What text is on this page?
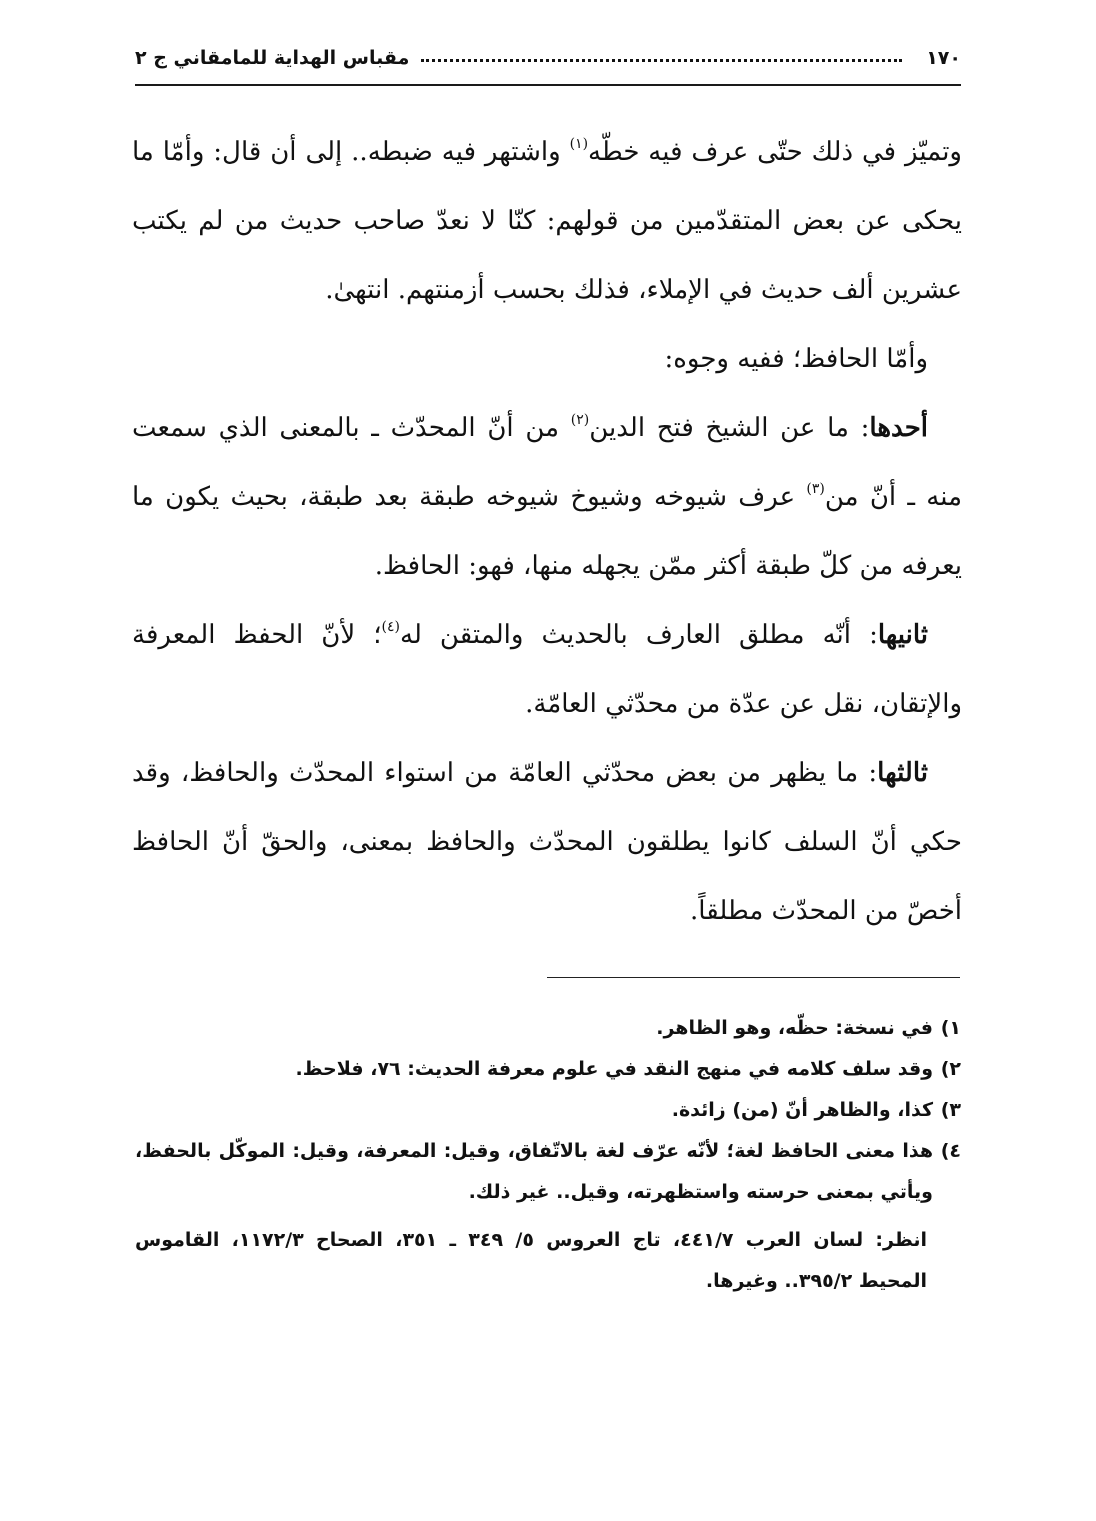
١٧٠
مقباس الهداية للمامقاني ج ٢

وتميّز في ذلك حتّى عرف فيه خطّه$^{(١)}$ واشتهر فيه ضبطه.. إلى أن قال: وأمّا ما يحكى عن بعض المتقدّمين من قولهم: كنّا لا نعدّ صاحب حديث من لم يكتب عشرين ألف حديث في الإملاء، فذلك بحسب أزمنتهم. انتهىٰ.

وأمّا الحافظ؛ ففيه وجوه:

أحدها: ما عن الشيخ فتح الدين$^{(٢)}$ من أنّ المحدّث ـ بالمعنى الذي سمعت منه ـ أنّ من$^{(٣)}$ عرف شيوخه وشيوخ شيوخه طبقة بعد طبقة، بحيث يكون ما يعرفه من كلّ طبقة أكثر ممّن يجهله منها، فهو: الحافظ.

ثانيها: أنّه مطلق العارف بالحديث والمتقن له$^{(٤)}$؛ لأنّ الحفظ المعرفة والإتقان، نقل عن عدّة من محدّثي العامّة.

ثالثها: ما يظهر من بعض محدّثي العامّة من استواء المحدّث والحافظ، وقد حكي أنّ السلف كانوا يطلقون المحدّث والحافظ بمعنى، والحقّ أنّ الحافظ أخصّ من المحدّث مطلقاً.

١)
في نسخة: حظّه، وهو الظاهر.
٢)
وقد سلف كلامه في منهج النقد في علوم معرفة الحديث: ٧٦، فلاحظ.
٣)
كذا، والظاهر أنّ (من) زائدة.
٤)
هذا معنى الحافظ لغة؛ لأنّه عرّف لغة بالاتّفاق، وقيل: المعرفة، وقيل: الموكّل بالحفظ، ويأتي بمعنى حرسته واستظهرته، وقيل.. غير ذلك.
انظر: لسان العرب ٤٤١/٧، تاج العروس ٥/ ٣٤٩ ـ ٣٥١، الصحاح ١١٧٢/٣، القاموس المحيط ٣٩٥/٢.. وغيرها.
